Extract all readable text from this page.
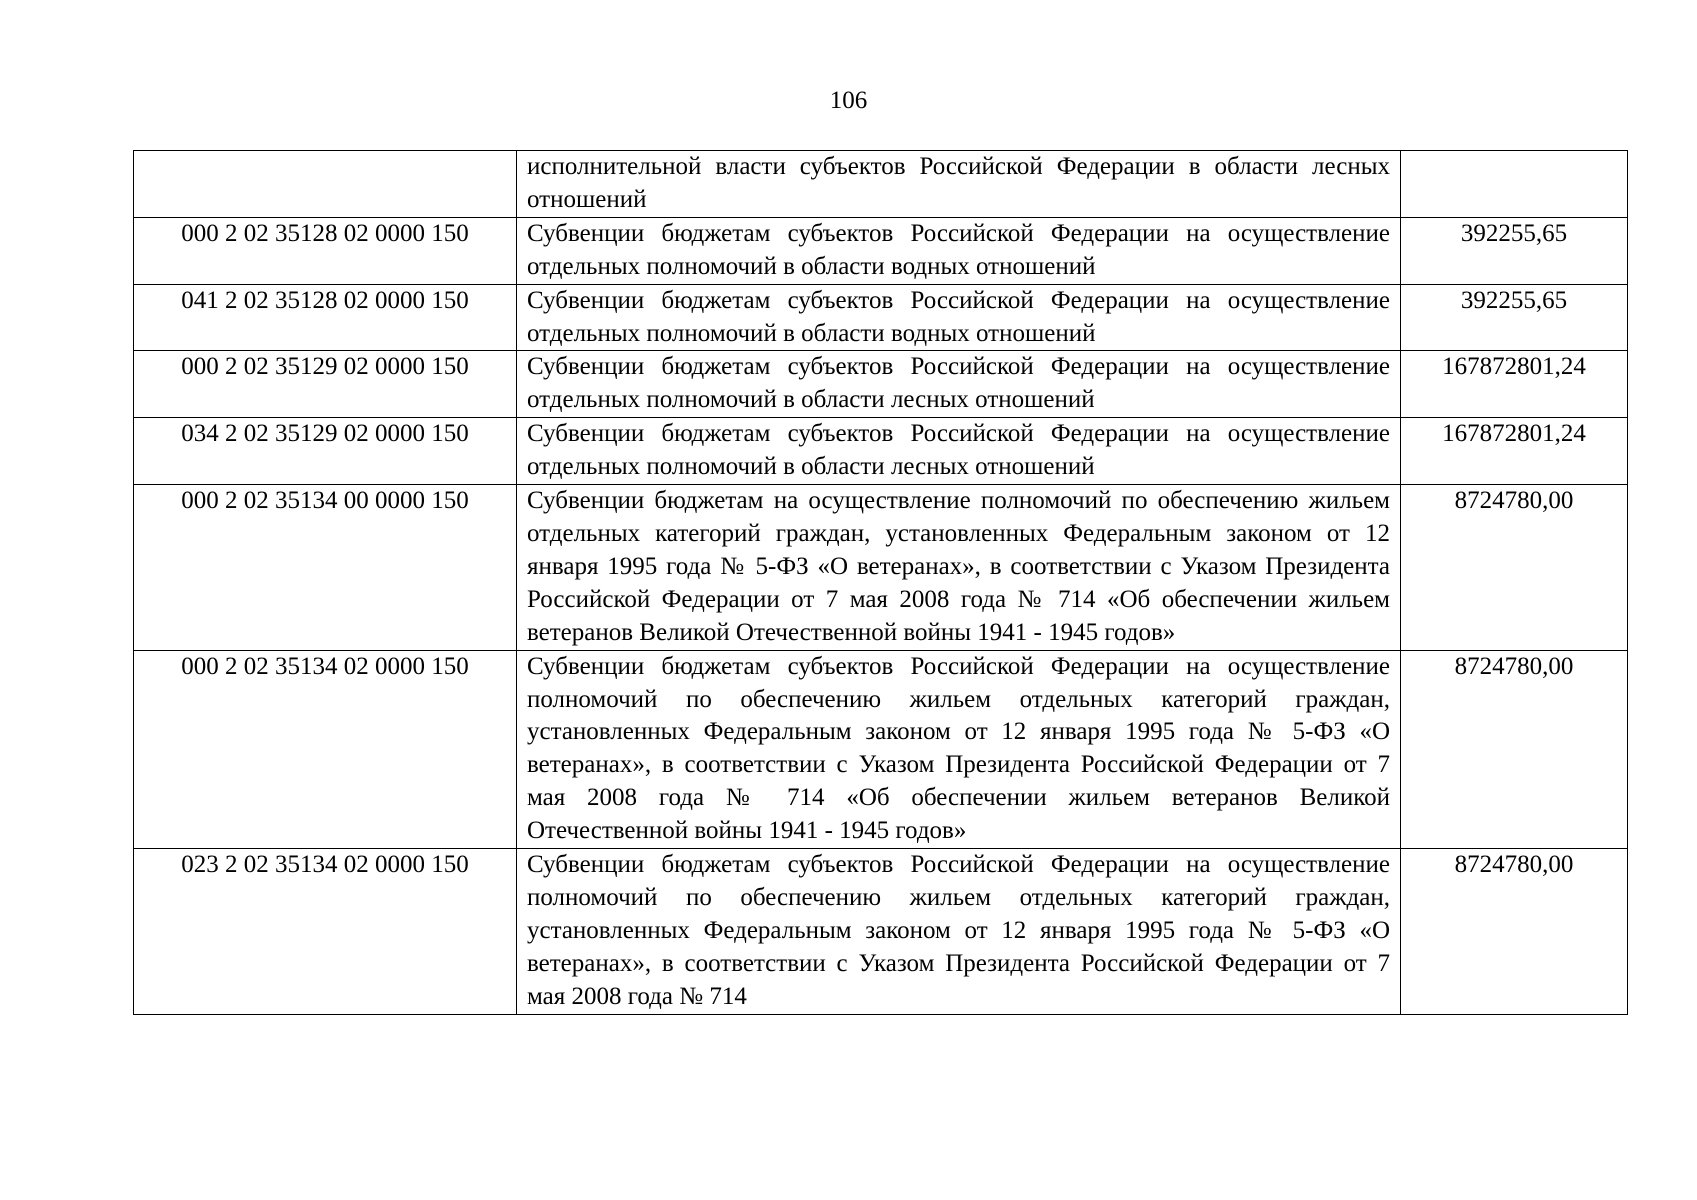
106
	исполнительной власти субъектов Российской Федерации в области лесных отношений	
000 2 02 35128 02 0000 150	Субвенции бюджетам субъектов Российской Федерации на осуществление отдельных полномочий в области водных отношений	392255,65
041 2 02 35128 02 0000 150	Субвенции бюджетам субъектов Российской Федерации на осуществление отдельных полномочий в области водных отношений	392255,65
000 2 02 35129 02 0000 150	Субвенции бюджетам субъектов Российской Федерации на осуществление отдельных полномочий в области лесных отношений	167872801,24
034 2 02 35129 02 0000 150	Субвенции бюджетам субъектов Российской Федерации на осуществление отдельных полномочий в области лесных отношений	167872801,24
000 2 02 35134 00 0000 150	Субвенции бюджетам на осуществление полномочий по обеспечению жильем отдельных категорий граждан, установленных Федеральным законом от 12 января 1995 года № 5-ФЗ «О ветеранах», в соответствии с Указом Президента Российской Федерации от 7 мая 2008 года № 714 «Об обеспечении жильем ветеранов Великой Отечественной войны 1941 - 1945 годов»	8724780,00
000 2 02 35134 02 0000 150	Субвенции бюджетам субъектов Российской Федерации на осуществление полномочий по обеспечению жильем отдельных категорий граждан, установленных Федеральным законом от 12 января 1995 года № 5-ФЗ «О ветеранах», в соответствии с Указом Президента Российской Федерации от 7 мая 2008 года № 714 «Об обеспечении жильем ветеранов Великой Отечественной войны 1941 - 1945 годов»	8724780,00
023 2 02 35134 02 0000 150	Субвенции бюджетам субъектов Российской Федерации на осуществление полномочий по обеспечению жильем отдельных категорий граждан, установленных Федеральным законом от 12 января 1995 года № 5-ФЗ «О ветеранах», в соответствии с Указом Президента Российской Федерации от 7 мая 2008 года № 714	8724780,00
